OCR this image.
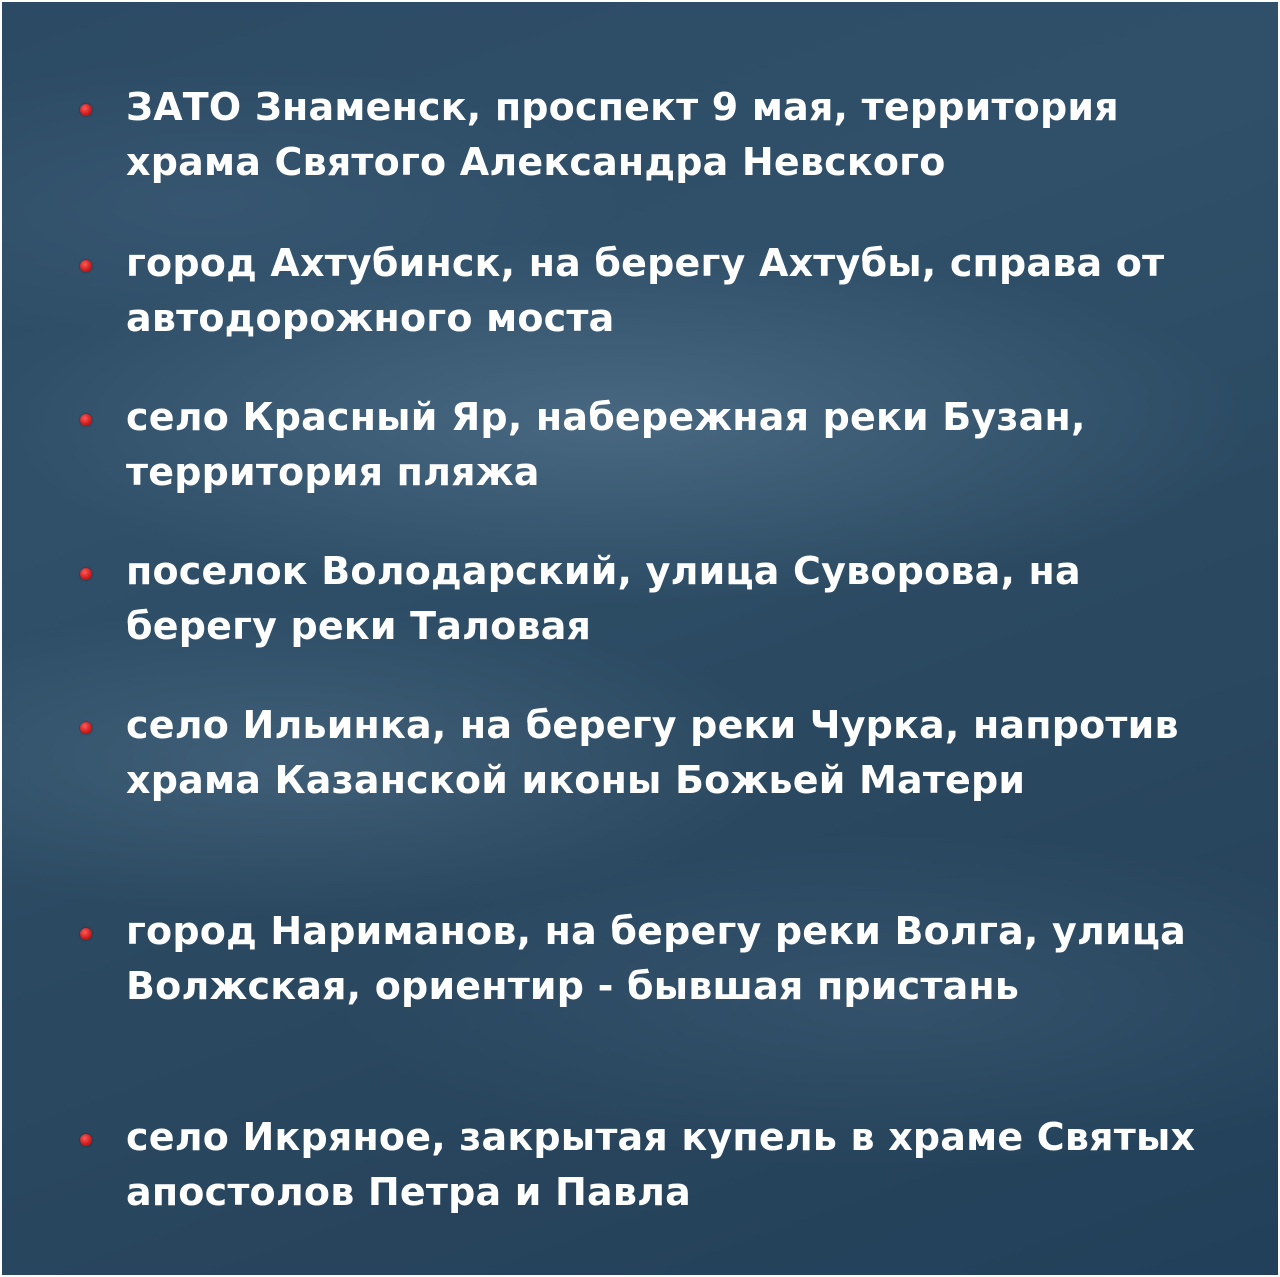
ЗАТО Знаменск, проспект 9 мая, территория храма Святого Александра Невского

город Ахтубинск, на берегу Ахтубы, справа от автодорожного моста

село Красный Яр, набережная реки Бузан, территория пляжа

поселок Володарский, улица Суворова, на берегу реки Таловая

село Ильинка, на берегу реки Чурка, напротив храма Казанской иконы Божьей Матери

город Нариманов, на берегу реки Волга, улица Волжская, ориентир - бывшая пристань

село Икряное, закрытая купель в храме Святых апостолов Петра и Павла
